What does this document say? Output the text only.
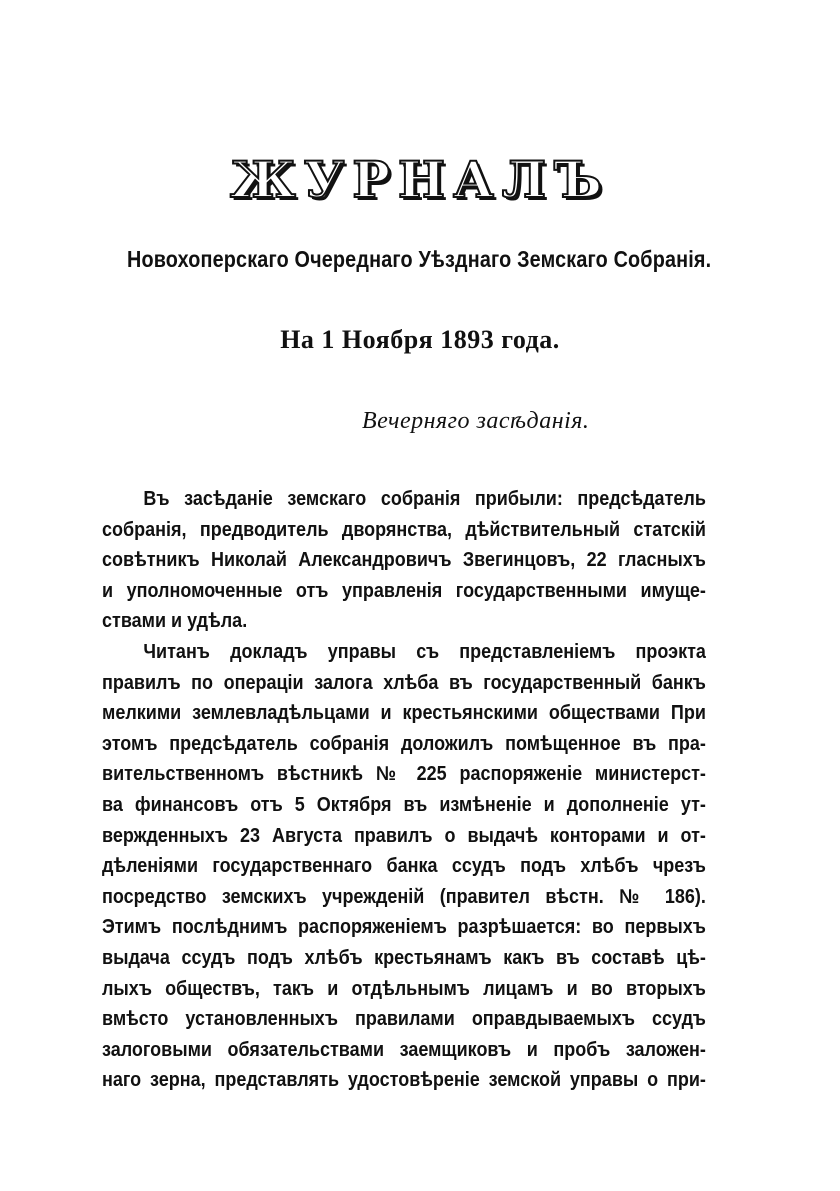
ЖУРНАЛЪ
Новохоперскаго Очереднаго Уѣзднаго Земскаго Собранія.
На 1 Ноября 1893 года.
Вечерняго засѣданія.
Въ засѣданіе земскаго собранія прибыли: предсѣдатель
собранія, предводитель дворянства, дѣйствительный статскій
совѣтникъ Николай Александровичъ Звегинцовъ, 22 гласныхъ
и уполномоченные отъ управленія государственными имуще-
ствами и удѣла.
Читанъ докладъ управы съ представленіемъ проэкта
правилъ по операціи залога хлѣба въ государственный банкъ
мелкими землевладѣльцами и крестьянскими обществами При
этомъ предсѣдатель собранія доложилъ помѣщенное въ пра-
вительственномъ вѣстникѣ № 225 распоряженіе министерст-
ва финансовъ отъ 5 Октября въ измѣненіе и дополненіе ут-
вержденныхъ 23 Августа правилъ о выдачѣ конторами и от-
дѣленіями государственнаго банка ссудъ подъ хлѣбъ чрезъ
посредство земскихъ учрежденій (правител вѣстн. № 186).
Этимъ послѣднимъ распоряженіемъ разрѣшается: во первыхъ
выдача ссудъ подъ хлѣбъ крестьянамъ какъ въ составѣ цѣ-
лыхъ обществъ, такъ и отдѣльнымъ лицамъ и во вторыхъ
вмѣсто установленныхъ правилами оправдываемыхъ ссудъ
залоговыми обязательствами заемщиковъ и пробъ заложен-
наго зерна, представлять удостовѣреніе земской управы о при-
